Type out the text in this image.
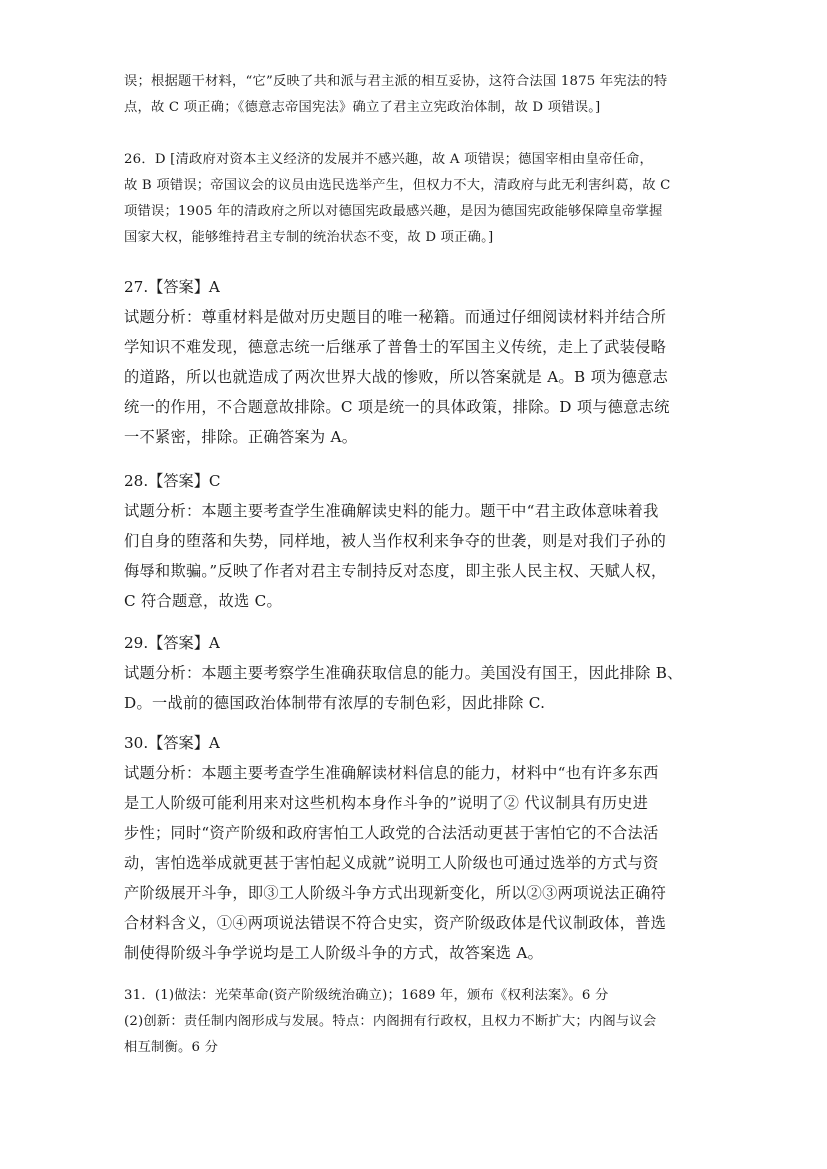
误；根据题干材料，“它”反映了共和派与君主派的相互妥协，这符合法国 1875 年宪法的特
点，故 C 项正确；《德意志帝国宪法》确立了君主立宪政治体制，故 D 项错误。]
26．D [清政府对资本主义经济的发展并不感兴趣，故 A 项错误；德国宰相由皇帝任命，
故 B 项错误；帝国议会的议员由选民选举产生，但权力不大，清政府与此无利害纠葛，故 C
项错误；1905 年的清政府之所以对德国宪政最感兴趣，是因为德国宪政能够保障皇帝掌握
国家大权，能够维持君主专制的统治状态不变，故 D 项正确。]
27.【答案】A
试题分析：尊重材料是做对历史题目的唯一秘籍。而通过仔细阅读材料并结合所
学知识不难发现，德意志统一后继承了普鲁士的军国主义传统，走上了武装侵略
的道路，所以也就造成了两次世界大战的惨败，所以答案就是 A。B 项为德意志
统一的作用，不合题意故排除。C 项是统一的具体政策，排除。D 项与德意志统
一不紧密，排除。正确答案为 A。
28.【答案】C
试题分析：本题主要考查学生准确解读史料的能力。题干中“君主政体意味着我
们自身的堕落和失势，同样地，被人当作权利来争夺的世袭，则是对我们子孙的
侮辱和欺骗。”反映了作者对君主专制持反对态度，即主张人民主权、天赋人权，
C 符合题意，故选 C。
29.【答案】A
试题分析：本题主要考察学生准确获取信息的能力。美国没有国王，因此排除 B、
D。一战前的德国政治体制带有浓厚的专制色彩，因此排除 C.
30.【答案】A
试题分析：本题主要考查学生准确解读材料信息的能力，材料中“也有许多东西
是工人阶级可能利用来对这些机构本身作斗争的”说明了② 代议制具有历史进
步性；同时“资产阶级和政府害怕工人政党的合法活动更甚于害怕它的不合法活
动，害怕选举成就更甚于害怕起义成就”说明工人阶级也可通过选举的方式与资
产阶级展开斗争，即③工人阶级斗争方式出现新变化，所以②③两项说法正确符
合材料含义，①④两项说法错误不符合史实，资产阶级政体是代议制政体，普选
制使得阶级斗争学说均是工人阶级斗争的方式，故答案选 A。
31．(1)做法：光荣革命(资产阶级统治确立)；1689 年，颁布《权利法案》。6 分
(2)创新：责任制内阁形成与发展。特点：内阁拥有行政权，且权力不断扩大；内阁与议会
相互制衡。6 分
